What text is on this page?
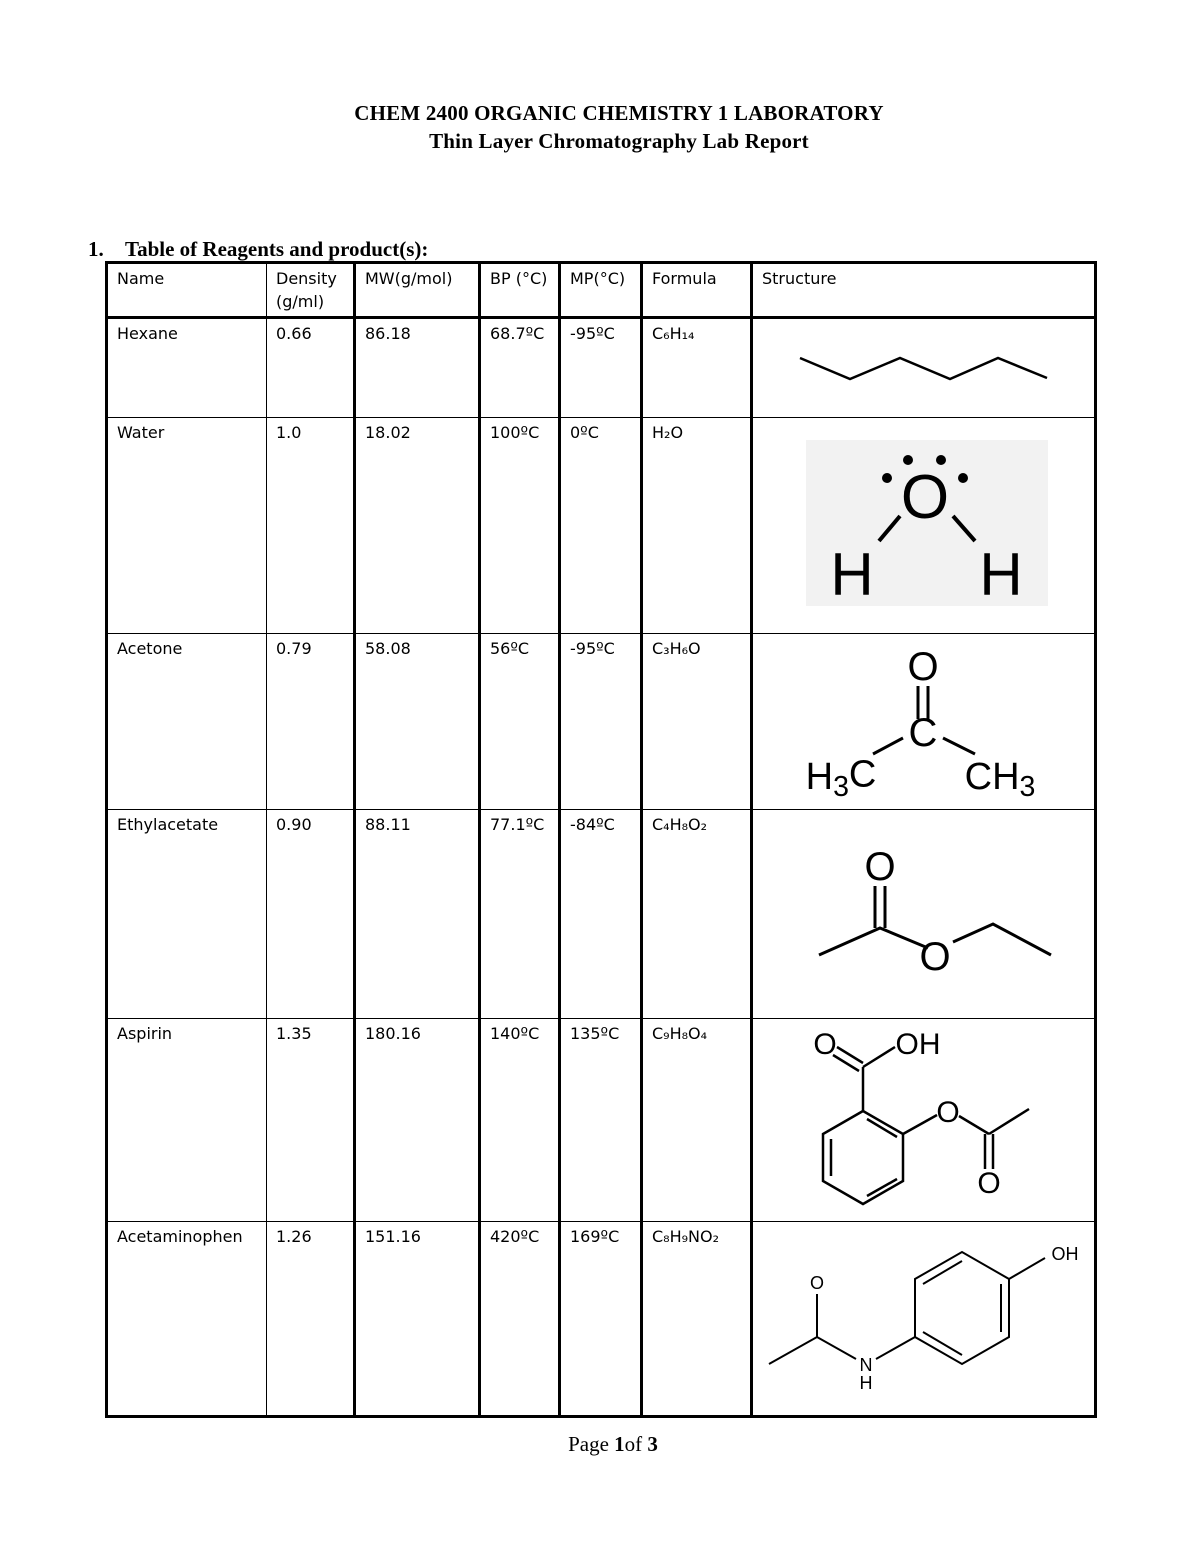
CHEM 2400 ORGANIC CHEMISTRY 1 LABORATORY
Thin Layer Chromatography Lab Report
1. Table of Reagents and product(s):
Name	Density (g/ml)	MW(g/mol)	BP (°C)	MP(°C)	Formula	Structure
Hexane	0.66	86.18	68.7ºC	-95ºC	C₆H₁₄	

Water	1.0	18.02	100ºC	0ºC	H₂O	O
H H

Acetone	0.79	58.08	56ºC	-95ºC	C₃H₆O	O
C
H3C CH3

Ethylacetate	0.90	88.11	77.1ºC	-84ºC	C₄H₈O₂	O
O

Aspirin	1.35	180.16	140ºC	135ºC	C₉H₈O₄	O OH
O
O

Acetaminophen	1.26	151.16	420ºC	169ºC	C₈H₉NO₂	O
N
H
OH
Page 1of 3
